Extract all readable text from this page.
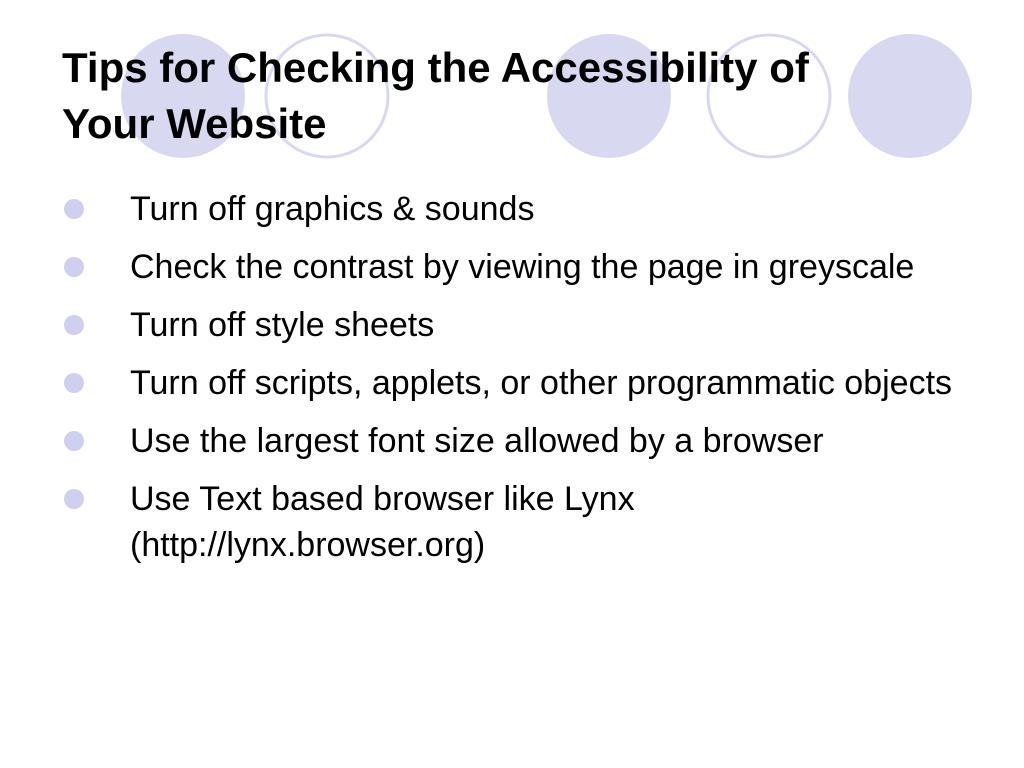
Tips for Checking the Accessibility of
Your Website
Turn off graphics & sounds
Check the contrast by viewing the page in greyscale
Turn off style sheets
Turn off scripts, applets, or other programmatic objects
Use the largest font size allowed by a browser
Use Text based browser like Lynx (http://lynx.browser.org)
